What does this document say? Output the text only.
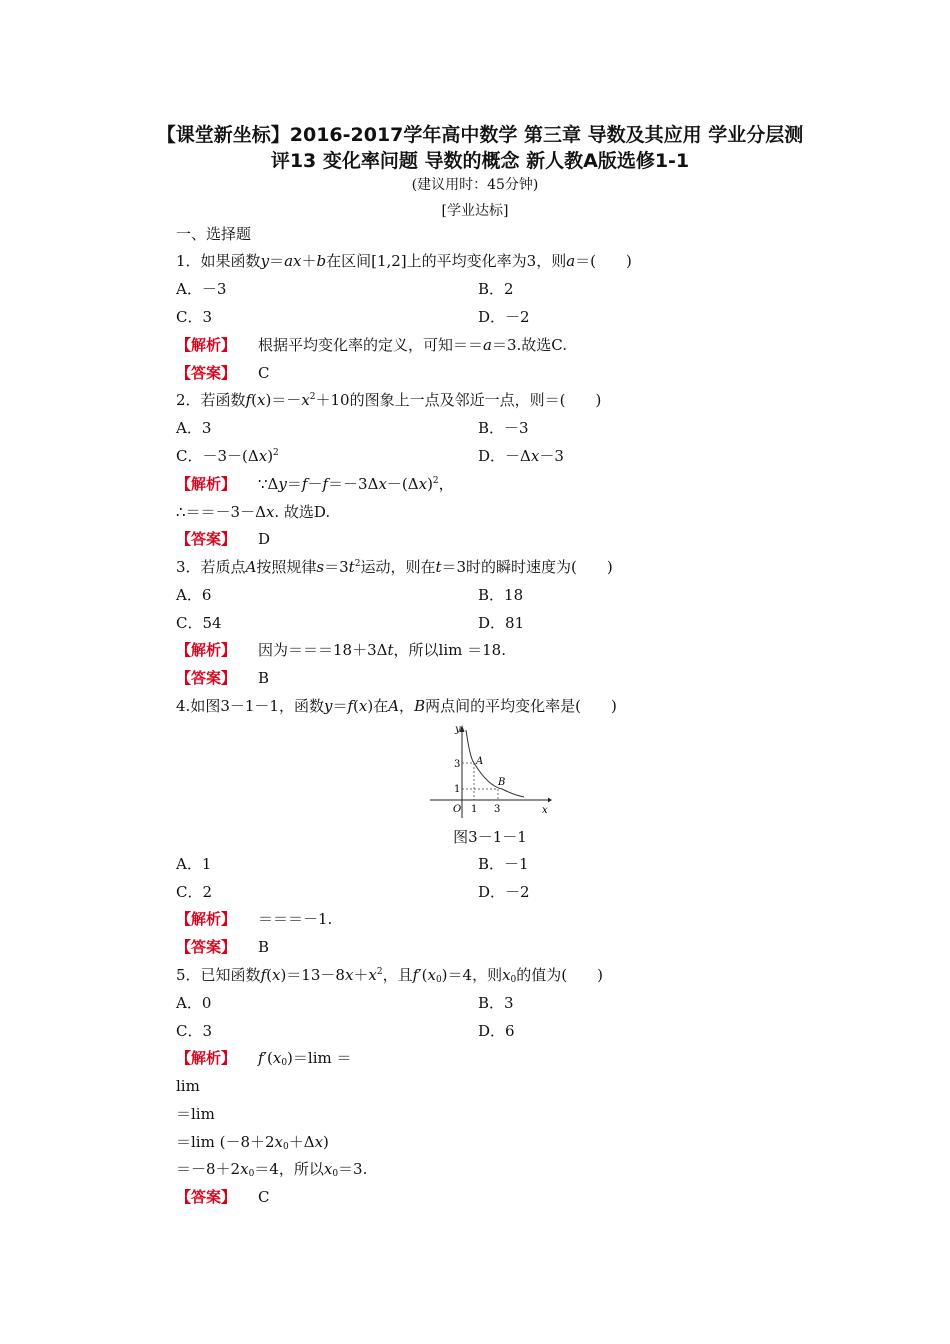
【课堂新坐标】2016-2017学年高中数学 第三章 导数及其应用 学业分层测评13 变化率问题 导数的概念 新人教A版选修1-1
(建议用时：45分钟)
[学业达标]
一、选择题
1．如果函数y＝ax＋b在区间[1,2]上的平均变化率为3，则a＝(　　)
A．－3	B．2
C．3	D．－2
【解析】 根据平均变化率的定义，可知＝＝a＝3.故选C.
【答案】 C
2．若函数$f(x)=-x^2+10$的图象上一点及邻近一点，则＝(　　)
A．3	B．－3
C．$-3-(\Delta x)^2$	D．－Δx－3
【解析】 $\because\Delta y=f-f=-3\Delta x-(\Delta x)^2$，
∴＝＝－3－Δx. 故选D.
【答案】 D
3．若质点A按照规律$s=3t^2$运动，则在t＝3时的瞬时速度为(　　)
A．6	B．18
C．54	D．81
【解析】 因为＝＝＝18＋3Δt，所以lim ＝18.
【答案】 B
4.如图3－1－1，函数y＝f(x)在A，B两点间的平均变化率是(　　)
y
x
O
3
1
1 3
A
B
图3－1－1
A．1	B．－1
C．2	D．－2
【解析】 ＝＝＝－1.
【答案】 B
5．已知函数$f(x)=13-8x+x^2$，且$f'(x_0)=4$，则$x_0$的值为(　　)
A．0	B．3
C．3	D．6
【解析】 $f'(x_0)=\lim$ ＝
lim
＝lim
＝lim $(-8+2x_0+\Delta x)$
$=-8+2x_0=4$，所以$x_0=3$.
【答案】 C
